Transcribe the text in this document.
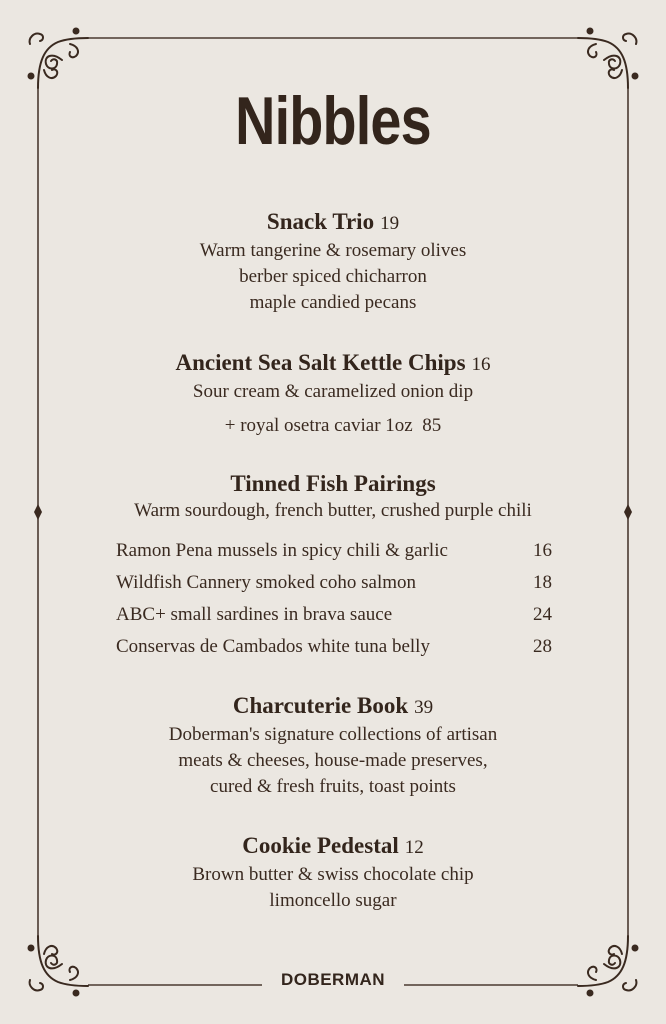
Nibbles
Snack Trio 19
Warm tangerine & rosemary olives
berber spiced chicharron
maple candied pecans
Ancient Sea Salt Kettle Chips 16
Sour cream & caramelized onion dip
+ royal osetra caviar 1oz  85
Tinned Fish Pairings
Warm sourdough, french butter, crushed purple chili
Ramon Pena mussels in spicy chili & garlic	16
Wildfish Cannery smoked coho salmon	18
ABC+ small sardines in brava sauce	24
Conservas de Cambados white tuna belly	28
Charcuterie Book 39
Doberman's signature collections of artisan
meats & cheeses, house-made preserves,
cured & fresh fruits, toast points
Cookie Pedestal 12
Brown butter & swiss chocolate chip
limoncello sugar
DOBERMAN
